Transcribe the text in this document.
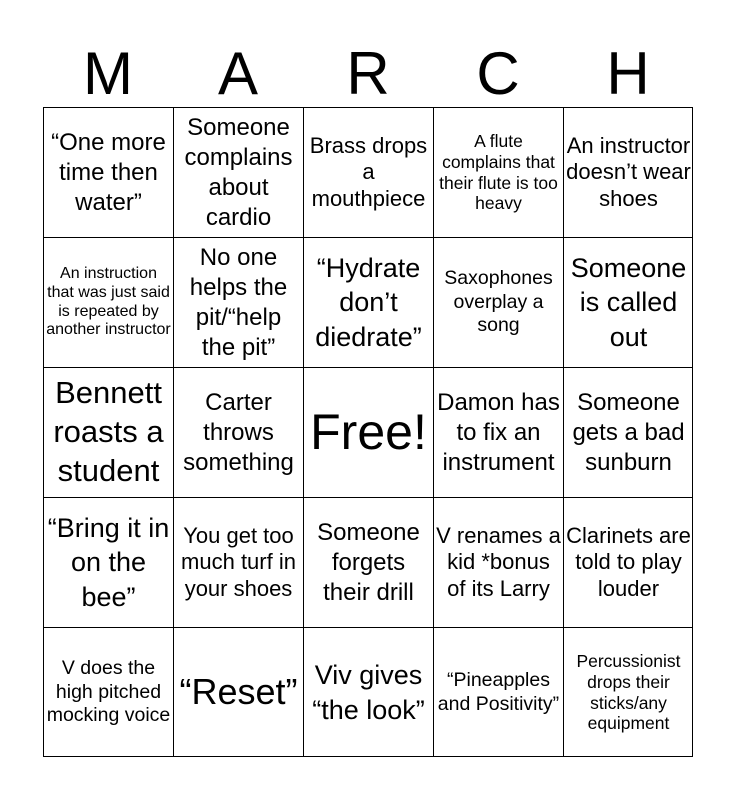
M	A	R	C	H
“One more time then water”
Someone complains about cardio
Brass drops a mouthpiece
A flute complains that their flute is too heavy
An instructor doesn’t wear shoes
An instruction that was just said is repeated by another instructor
No one helps the pit/“help the pit”
“Hydrate don’t diedrate”
Saxophones overplay a song
Someone is called out
Bennett roasts a student
Carter throws something
Free!
Damon has to fix an instrument
Someone gets a bad sunburn
“Bring it in on the bee”
You get too much turf in your shoes
Someone forgets their drill
V renames a kid *bonus of its Larry
Clarinets are told to play louder
V does the high pitched mocking voice
“Reset” Viv gives “the look”
“Pineapples and Positivity”
Percussionist drops their sticks/any equipment
